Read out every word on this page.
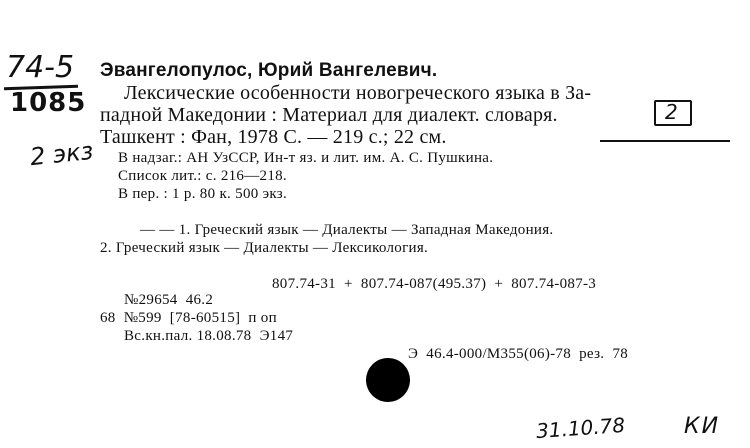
74-5
1085
2 экз
Эвангелопулос, Юрий Вангелевич.
Лексические особенности новогреческого языка в За-
падной Македонии : Материал для диалект. словаря.
Ташкент : Фан, 1978 С. — 219 с.; 22 см.
2
В надзаг.: АН УзССР, Ин-т яз. и лит. им. А. С. Пушкина.
Список лит.: с. 216—218.
В пер. : 1 р. 80 к. 500 экз.
— — 1. Греческий язык — Диалекты — Западная Македония.
2. Греческий язык — Диалекты — Лексикология.
807.74-31  +  807.74-087(495.37)  +  807.74-087-3
№29654  46.2
68  №599  [78-60515]  п оп
Вс.кн.пал. 18.08.78  Э147
Э  46.4-000/М355(06)-78  рез.  78
31.10.78	КИ
